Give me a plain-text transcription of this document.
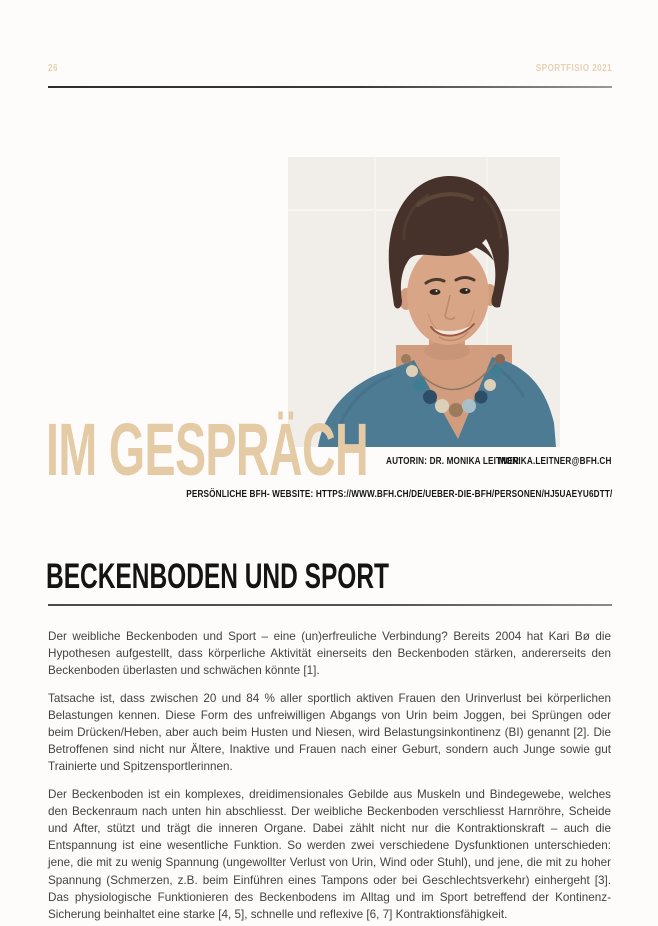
26	SPORTFISIO 2021
IM GESPRÄCH	AUTORIN: DR. MONIKA LEITNER
MONIKA.LEITNER@BFH.CH
PERSÖNLICHE BFH- WEBSITE: HTTPS://WWW.BFH.CH/DE/UEBER-DIE-BFH/PERSONEN/HJ5UAEYU6DTT/
BECKENBODEN UND SPORT

Der weibliche Beckenboden und Sport – eine (un)erfreuliche Verbindung? Bereits 2004 hat Kari Bø die Hypothesen aufgestellt, dass körperliche Aktivität einerseits den Beckenboden stärken, andererseits den Beckenboden überlasten und schwächen könnte [1].

Tatsache ist, dass zwischen 20 und 84 % aller sportlich aktiven Frauen den Urinverlust bei körperlichen Belastungen kennen. Diese Form des unfreiwilligen Abgangs von Urin beim Joggen, bei Sprüngen oder beim Drücken/Heben, aber auch beim Husten und Niesen, wird Belastungsinkontinenz (BI) genannt [2]. Die Betroffenen sind nicht nur Ältere, Inaktive und Frauen nach einer Geburt, sondern auch Junge sowie gut Trainierte und Spitzensportlerinnen.

Der Beckenboden ist ein komplexes, dreidimensionales Gebilde aus Muskeln und Bindegewebe, welches den Beckenraum nach unten hin abschliesst. Der weibliche Beckenboden verschliesst Harnröhre, Scheide und After, stützt und trägt die inneren Organe. Dabei zählt nicht nur die Kontraktionskraft – auch die Entspannung ist eine wesentliche Funktion. So werden zwei verschiedene Dysfunktionen unterschieden: jene, die mit zu wenig Spannung (ungewollter Verlust von Urin, Wind oder Stuhl), und jene, die mit zu hoher Spannung (Schmerzen, z.B. beim Einführen eines Tampons oder bei Geschlechtsverkehr) einhergeht [3]. Das physiologische Funktionieren des Beckenbodens im Alltag und im Sport betreffend der Kontinenz-Sicherung beinhaltet eine starke [4, 5], schnelle und reflexive [6, 7] Kontraktionsfähigkeit.
